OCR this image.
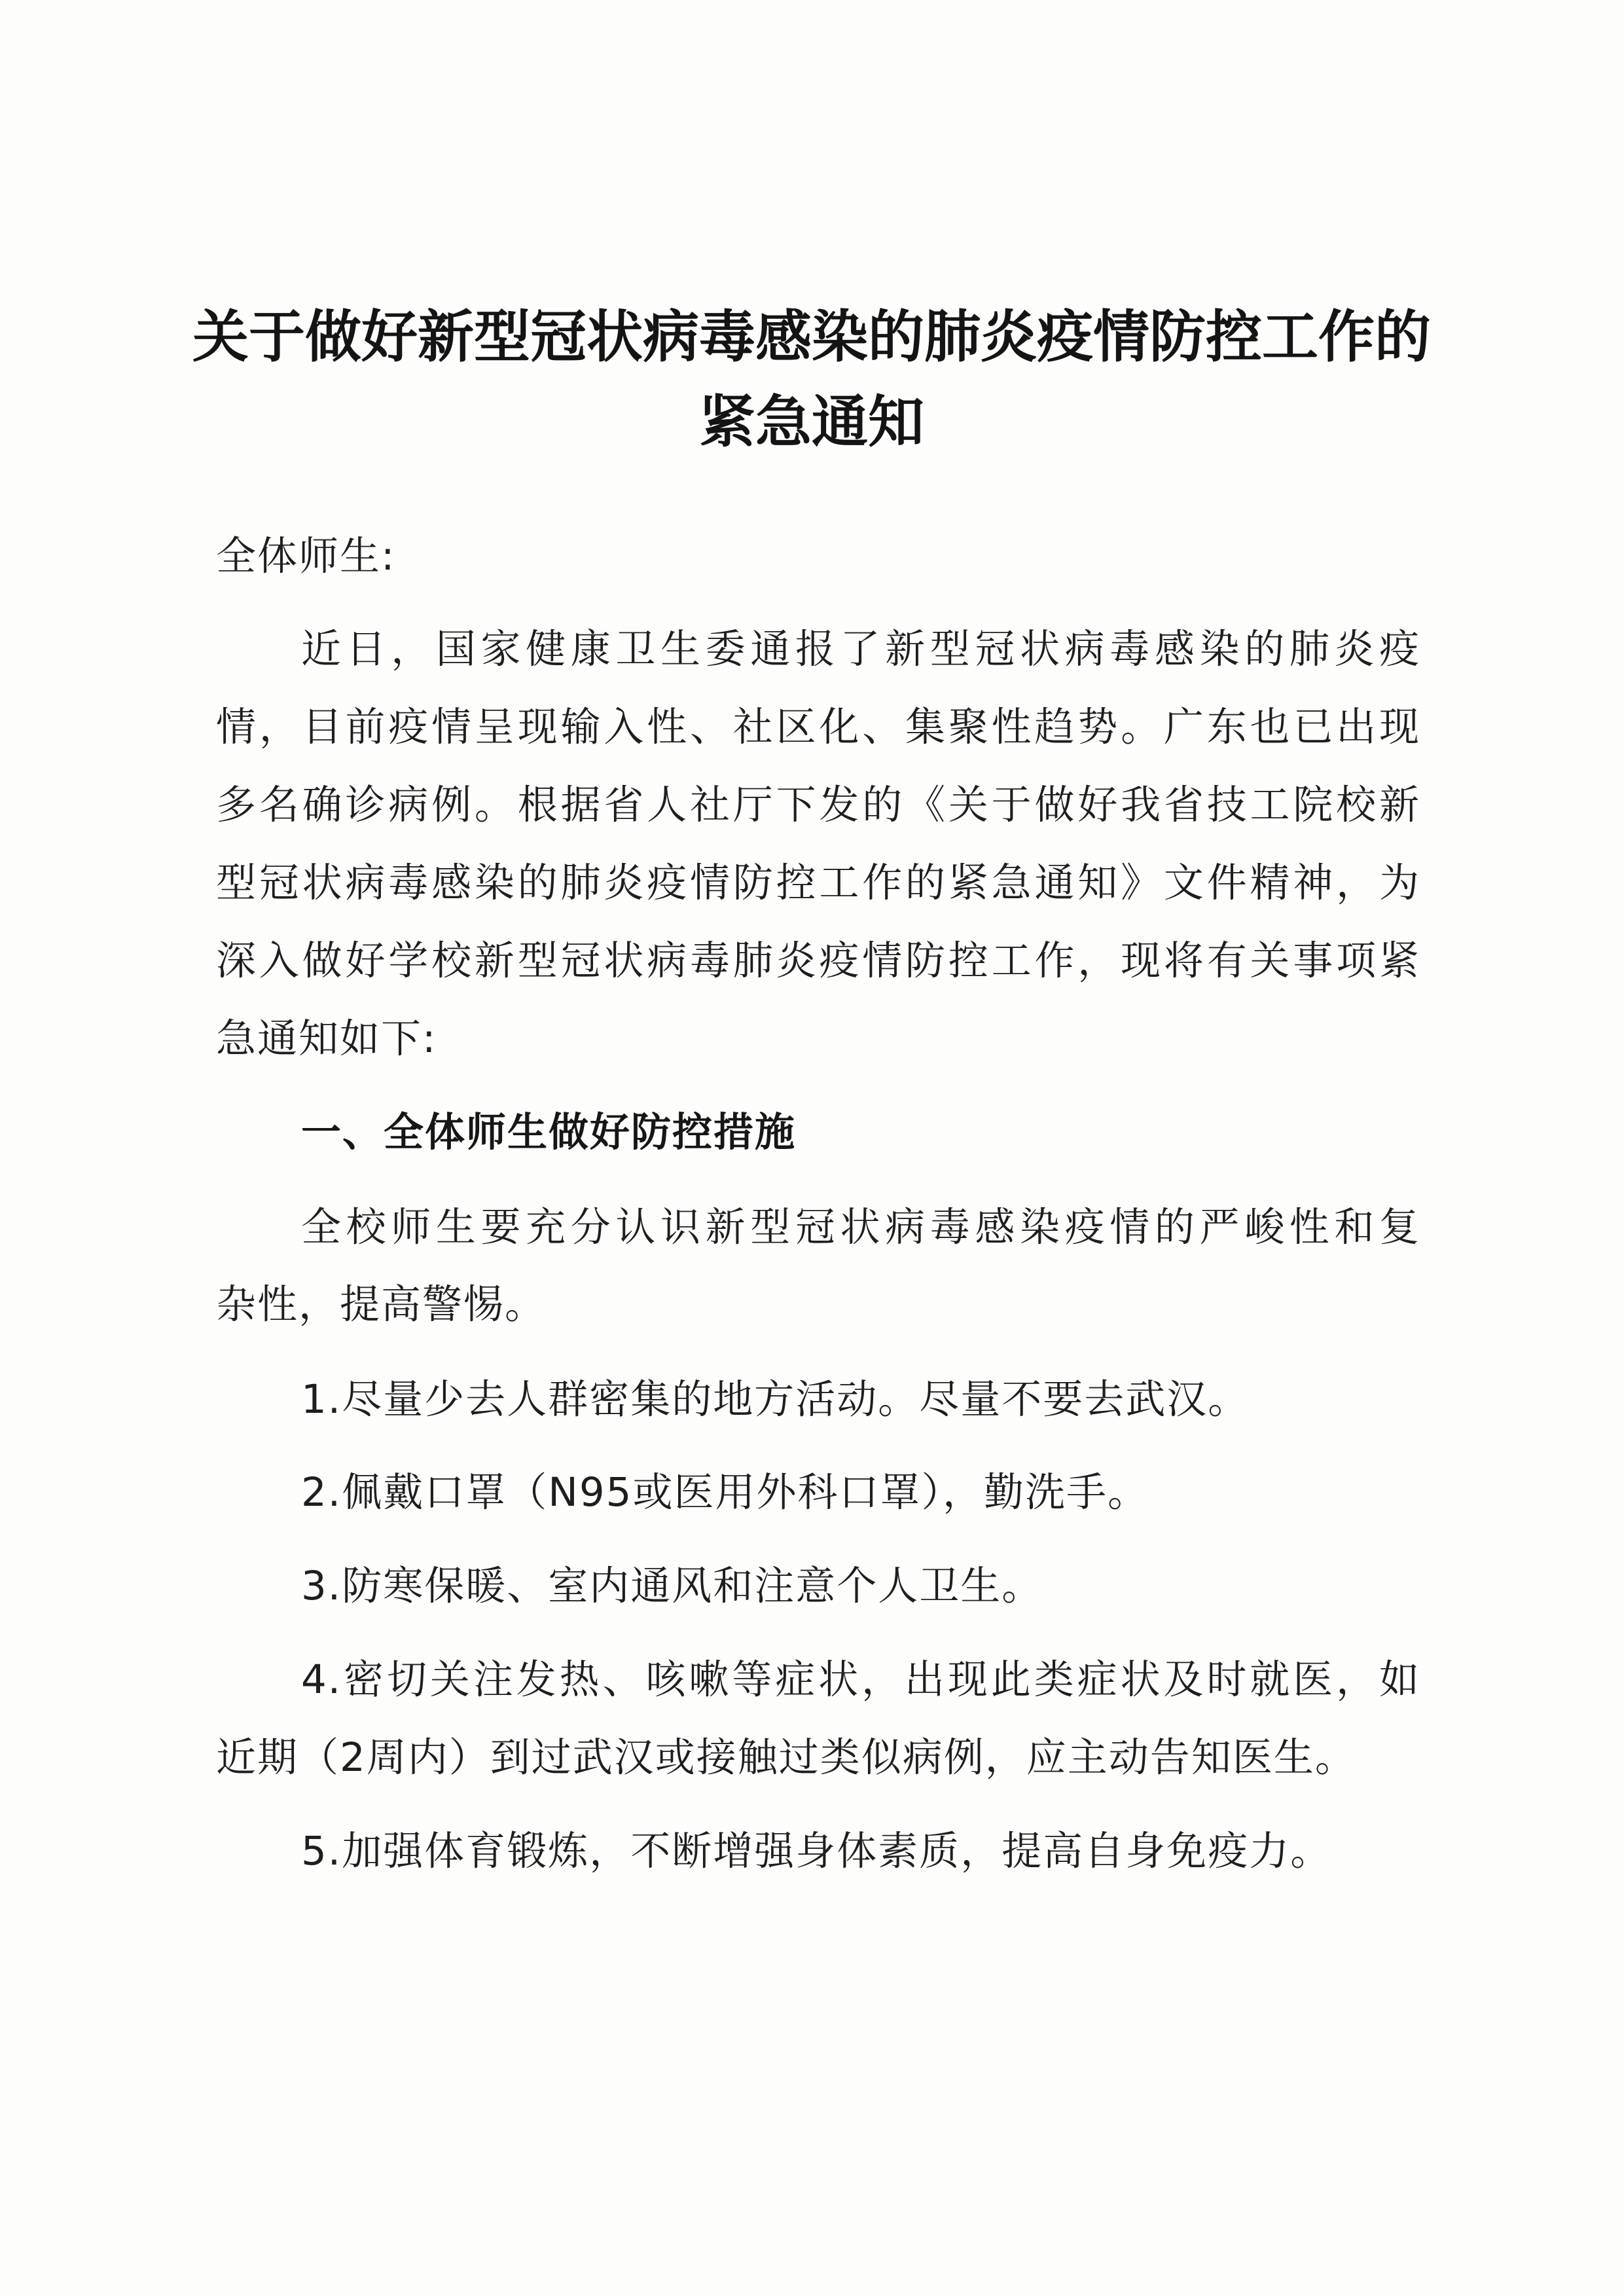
关于做好新型冠状病毒感染的肺炎疫情防控工作的
紧急通知
全体师生:
近日，国家健康卫生委通报了新型冠状病毒感染的肺炎疫
情，目前疫情呈现输入性、社区化、集聚性趋势。广东也已出现
多名确诊病例。根据省人社厅下发的《关于做好我省技工院校新
型冠状病毒感染的肺炎疫情防控工作的紧急通知》文件精神，为
深入做好学校新型冠状病毒肺炎疫情防控工作，现将有关事项紧
急通知如下:
一、全体师生做好防控措施
全校师生要充分认识新型冠状病毒感染疫情的严峻性和复
杂性，提高警惕。
1.尽量少去人群密集的地方活动。尽量不要去武汉。
2.佩戴口罩（N95或医用外科口罩），勤洗手。
3.防寒保暖、室内通风和注意个人卫生。
4.密切关注发热、咳嗽等症状，出现此类症状及时就医，如
近期（2周内）到过武汉或接触过类似病例，应主动告知医生。
5.加强体育锻炼，不断增强身体素质，提高自身免疫力。
